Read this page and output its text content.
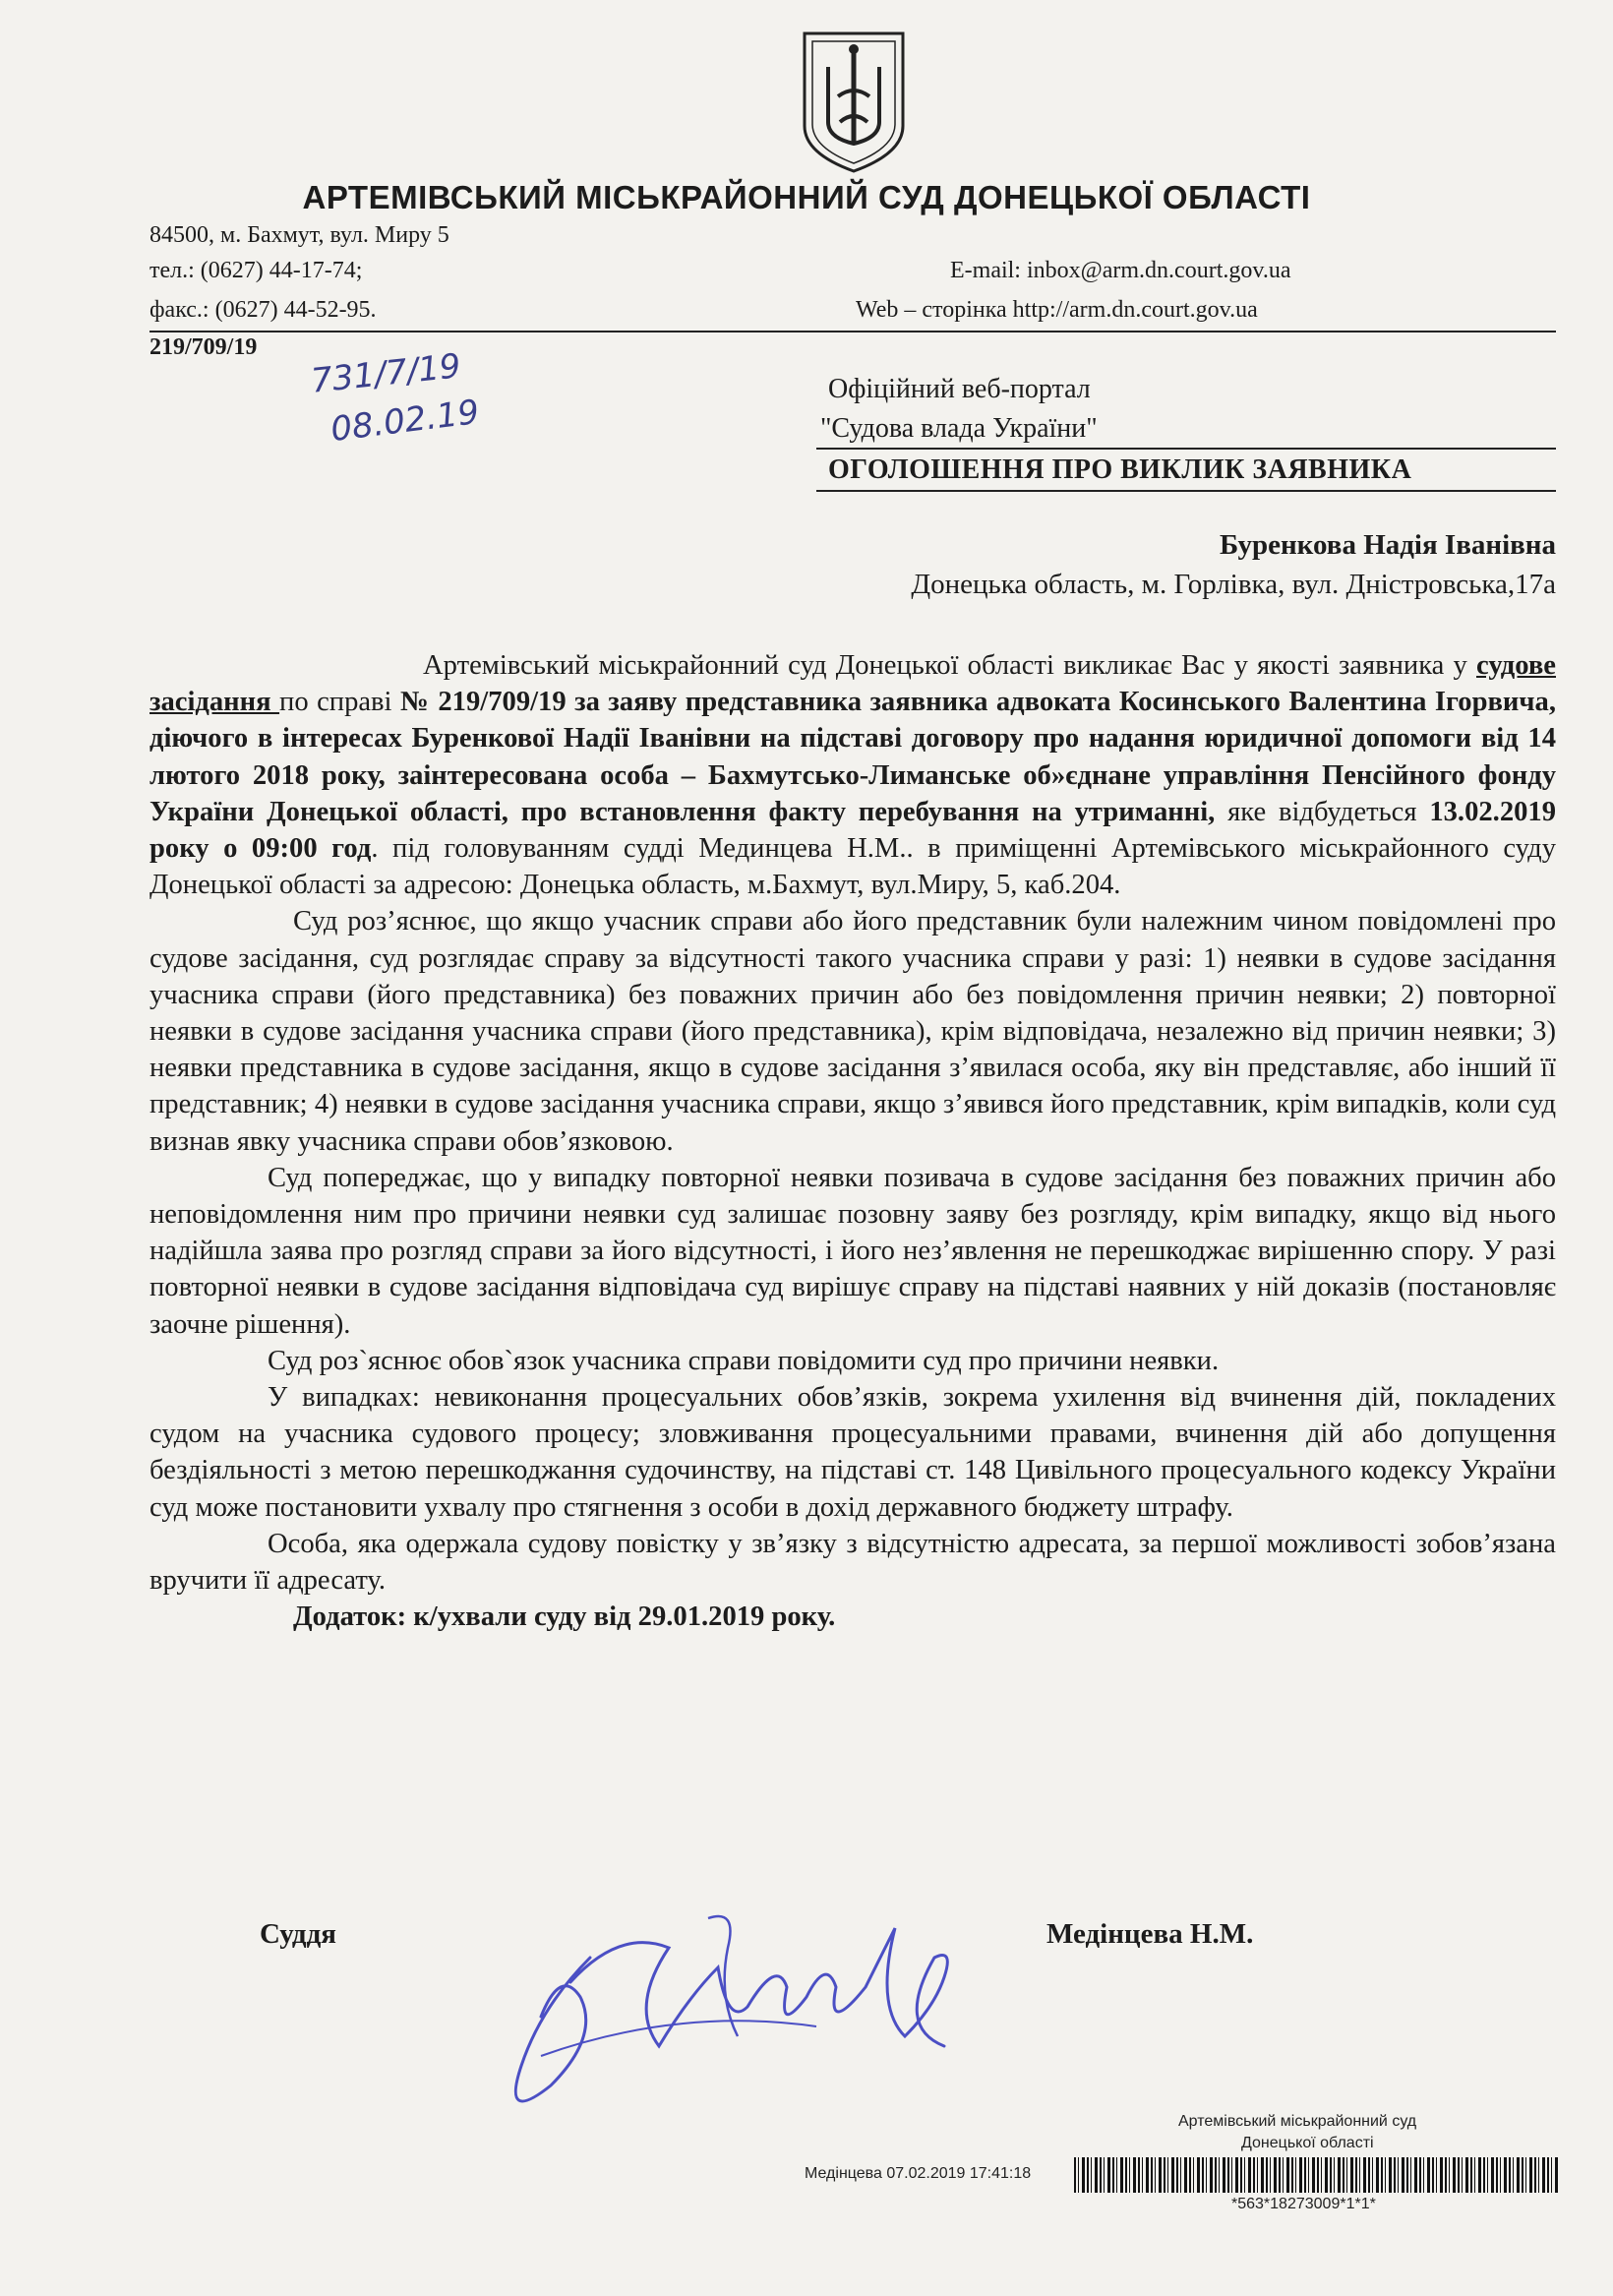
АРТЕМІВСЬКИЙ МІСЬКРАЙОННИЙ СУД ДОНЕЦЬКОЇ ОБЛАСТІ
84500, м. Бахмут, вул. Миру 5
тел.: (0627) 44-17-74;
факс.: (0627) 44-52-95.
E-mail: inbox@arm.dn.court.gov.ua
Web – сторінка http://arm.dn.court.gov.ua
219/709/19 731/7/19
08.02.19
Офіційний веб-портал
"Судова влада України"
ОГОЛОШЕННЯ ПРО ВИКЛИК ЗАЯВНИКА
Буренкова Надія Іванівна
Донецька область, м. Горлівка, вул. Дністровська,17а

Артемівський міськрайонний суд Донецької області викликає Вас у якості заявника у судове засідання по справі № 219/709/19 за заяву представника заявника адвоката Косинського Валентина Ігорвича, діючого в інтересах Буренкової Надії Іванівни на підставі договору про надання юридичної допомоги від 14 лютого 2018 року, заінтересована особа – Бахмутсько-Лиманське об»єднане управління Пенсійного фонду України Донецької області, про встановлення факту перебування на утриманні, яке відбудеться 13.02.2019 року о 09:00 год. під головуванням судді Мединцева Н.М.. в приміщенні Артемівського міськрайонного суду Донецької області за адресою: Донецька область, м.Бахмут, вул.Миру, 5, каб.204.

Суд роз’яснює, що якщо учасник справи або його представник були належним чином повідомлені про судове засідання, суд розглядає справу за відсутності такого учасника справи у разі: 1) неявки в судове засідання учасника справи (його представника) без поважних причин або без повідомлення причин неявки; 2) повторної неявки в судове засідання учасника справи (його представника), крім відповідача, незалежно від причин неявки; 3) неявки представника в судове засідання, якщо в судове засідання з’явилася особа, яку він представляє, або інший її представник; 4) неявки в судове засідання учасника справи, якщо з’явився його представник, крім випадків, коли суд визнав явку учасника справи обов’язковою.

Суд попереджає, що у випадку повторної неявки позивача в судове засідання без поважних причин або неповідомлення ним про причини неявки суд залишає позовну заяву без розгляду, крім випадку, якщо від нього надійшла заява про розгляд справи за його відсутності, і його нез’явлення не перешкоджає вирішенню спору. У разі повторної неявки в судове засідання відповідача суд вирішує справу на підставі наявних у ній доказів (постановляє заочне рішення).

Суд роз`яснює обов`язок учасника справи повідомити суд про причини неявки.

У випадках: невиконання процесуальних обов’язків, зокрема ухилення від вчинення дій, покладених судом на учасника судового процесу; зловживання процесуальними правами, вчинення дій або допущення бездіяльності з метою перешкоджання судочинству, на підставі ст. 148 Цивільного процесуального кодексу України суд може постановити ухвалу про стягнення з особи в дохід державного бюджету штрафу.

Особа, яка одержала судову повістку у зв’язку з відсутністю адресата, за першої можливості зобов’язана вручити її адресату.

Додаток: к/ухвали суду від 29.01.2019 року.

Суддя	Медінцева Н.М.
Артемівський міськрайонний суд
Донецької області
Медінцева 07.02.2019 17:41:18
*563*18273009*1*1*
